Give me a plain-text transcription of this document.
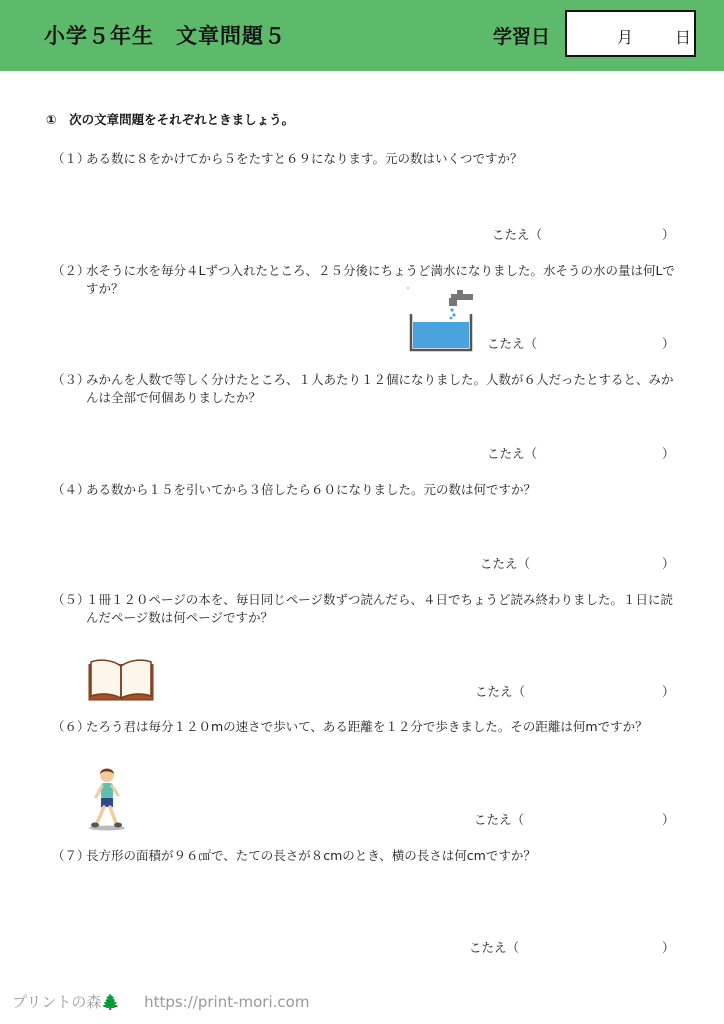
小学５年生　文章問題５	学習日	月	日
①　次の文章問題をそれぞれときましょう。
（１）
ある数に８をかけてから５をたすと６９になります。元の数はいくつですか？
こたえ（	）
（２）
水そうに水を毎分４Lずつ入れたところ、２５分後にちょうど満水になりました。水そうの水の量は何Lですか？
こたえ（	）
（３）
みかんを人数で等しく分けたところ、１人あたり１２個になりました。人数が６人だったとすると、みかんは全部で何個ありましたか？
こたえ（	）
（４）
ある数から１５を引いてから３倍したら６０になりました。元の数は何ですか？
こたえ（	）
（５）
１冊１２０ページの本を、毎日同じページ数ずつ読んだら、４日でちょうど読み終わりました。１日に読んだページ数は何ページですか？
こたえ（	）
（６）
たろう君は毎分１２０mの速さで歩いて、ある距離を１２分で歩きました。その距離は何mですか？
こたえ（	）
（７）
長方形の面積が９６㎠で、たての長さが８cmのとき、横の長さは何cmですか？
こたえ（	）
プリントの森🌲 https://print-mori.com
